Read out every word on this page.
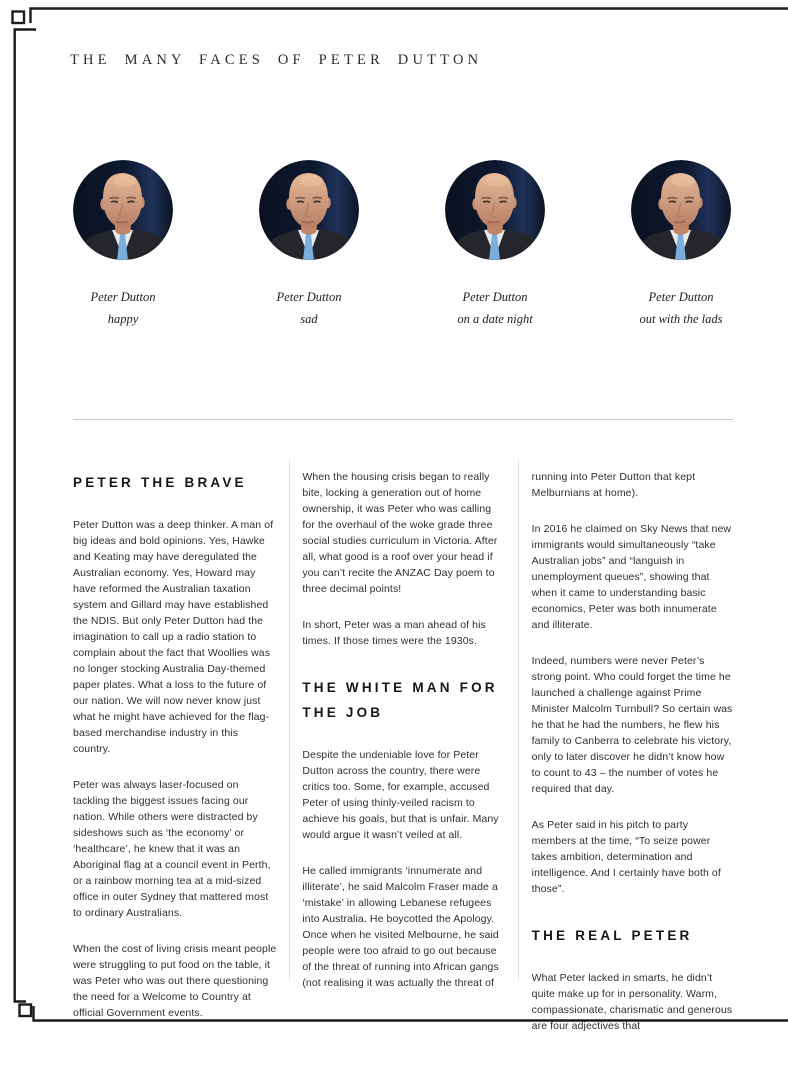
THE MANY FACES OF PETER DUTTON
Peter Dutton
happy
Peter Dutton
sad
Peter Dutton
on a date night
Peter Dutton
out with the lads
PETER THE BRAVE

Peter Dutton was a deep thinker. A man of big ideas and bold opinions. Yes, Hawke and Keating may have deregulated the Australian economy. Yes, Howard may have reformed the Australian taxation system and Gillard may have established the NDIS. But only Peter Dutton had the imagination to call up a radio station to complain about the fact that Woollies was no longer stocking Australia Day-themed paper plates. What a loss to the future of our nation. We will now never know just what he might have achieved for the flag-based merchandise industry in this country.

Peter was always laser-focused on tackling the biggest issues facing our nation. While others were distracted by sideshows such as ‘the economy’ or ‘healthcare’, he knew that it was an Aboriginal flag at a council event in Perth, or a rainbow morning tea at a mid-sized office in outer Sydney that mattered most to ordinary Australians.

When the cost of living crisis meant people were struggling to put food on the table, it was Peter who was out there questioning the need for a Welcome to Country at official Government events.

When the housing crisis began to really bite, locking a generation out of home ownership, it was Peter who was calling for the overhaul of the woke grade three social studies curriculum in Victoria. After all, what good is a roof over your head if you can’t recite the ANZAC Day poem to three decimal points!

In short, Peter was a man ahead of his times. If those times were the 1930s.

THE WHITE MAN FOR THE JOB

Despite the undeniable love for Peter Dutton across the country, there were critics too. Some, for example, accused Peter of using thinly-veiled racism to achieve his goals, but that is unfair. Many would argue it wasn’t veiled at all.

He called immigrants ‘innumerate and illiterate’, he said Malcolm Fraser made a ‘mistake’ in allowing Lebanese refugees into Australia. He boycotted the Apology. Once when he visited Melbourne, he said people were too afraid to go out because of the threat of running into African gangs (not realising it was actually the threat of

running into Peter Dutton that kept Melburnians at home).

In 2016 he claimed on Sky News that new immigrants would simultaneously “take Australian jobs” and “languish in unemployment queues”, showing that when it came to understanding basic economics, Peter was both innumerate and illiterate.

Indeed, numbers were never Peter’s strong point. Who could forget the time he launched a challenge against Prime Minister Malcolm Turnbull? So certain was he that he had the numbers, he flew his family to Canberra to celebrate his victory, only to later discover he didn’t know how to count to 43 – the number of votes he required that day.

As Peter said in his pitch to party members at the time, “To seize power takes ambition, determination and intelligence. And I certainly have both of those”.

THE REAL PETER

What Peter lacked in smarts, he didn’t quite make up for in personality. Warm, compassionate, charismatic and generous are four adjectives that
